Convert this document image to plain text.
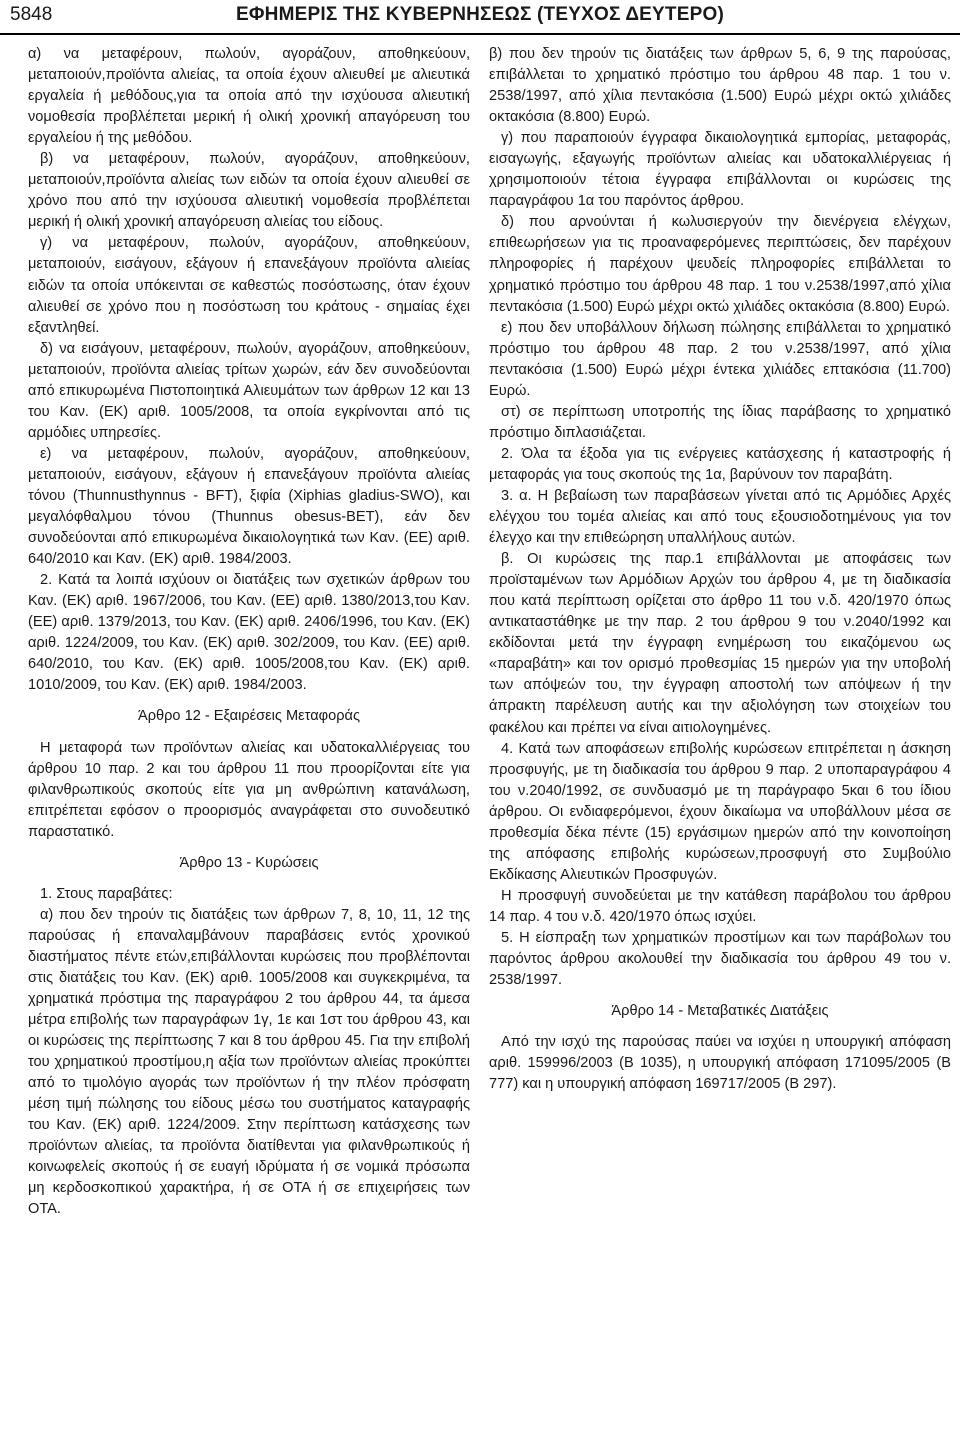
5848	ΕΦΗΜΕΡΙΣ ΤΗΣ ΚΥΒΕΡΝΗΣΕΩΣ (ΤΕΥΧΟΣ ΔΕΥΤΕΡΟ)

α) να μεταφέρουν, πωλούν, αγοράζουν, αποθηκεύουν, μεταποιούν,προϊόντα αλιείας, τα οποία έχουν αλιευθεί με αλιευτικά εργαλεία ή μεθόδους,για τα οποία από την ισχύουσα αλιευτική νομοθεσία προβλέπεται μερική ή ολική χρονική απαγόρευση του εργαλείου ή της μεθόδου.

β) να μεταφέρουν, πωλούν, αγοράζουν, αποθηκεύουν, μεταποιούν,προϊόντα αλιείας των ειδών τα οποία έχουν αλιευθεί σε χρόνο που από την ισχύουσα αλιευτική νομοθεσία προβλέπεται μερική ή ολική χρονική απαγόρευση αλιείας του είδους.

γ) να μεταφέρουν, πωλούν, αγοράζουν, αποθηκεύουν, μεταποιούν, εισάγουν, εξάγουν ή επανεξάγουν προϊόντα αλιείας ειδών τα οποία υπόκεινται σε καθεστώς ποσόστωσης, όταν έχουν αλιευθεί σε χρόνο που η ποσόστωση του κράτους - σημαίας έχει εξαντληθεί.

δ) να εισάγουν, μεταφέρουν, πωλούν, αγοράζουν, αποθηκεύουν, μεταποιούν, προϊόντα αλιείας τρίτων χωρών, εάν δεν συνοδεύονται από επικυρωμένα Πιστοποιητικά Αλιευμάτων των άρθρων 12 και 13 του Καν. (ΕΚ) αριθ. 1005/2008, τα οποία εγκρίνονται από τις αρμόδιες υπηρεσίες.

ε) να μεταφέρουν, πωλούν, αγοράζουν, αποθηκεύουν, μεταποιούν, εισάγουν, εξάγουν ή επανεξάγουν προϊόντα αλιείας τόνου (Thunnusthynnus - BFT), ξιφία (Xiphias gladius-SWO), και μεγαλόφθαλμου τόνου (Thunnus obesus-BET), εάν δεν συνοδεύονται από επικυρωμένα δικαιολογητικά των Καν. (ΕΕ) αριθ. 640/2010 και Καν. (ΕΚ) αριθ. 1984/2003.

2. Κατά τα λοιπά ισχύουν οι διατάξεις των σχετικών άρθρων του Καν. (ΕΚ) αριθ. 1967/2006, του Καν. (ΕΕ) αριθ. 1380/2013,του Καν. (ΕΕ) αριθ. 1379/2013, του Καν. (ΕΚ) αριθ. 2406/1996, του Καν. (ΕΚ) αριθ. 1224/2009, του Καν. (ΕΚ) αριθ. 302/2009, του Καν. (ΕΕ) αριθ. 640/2010, του Καν. (ΕΚ) αριθ. 1005/2008,του Καν. (ΕΚ) αριθ. 1010/2009, του Καν. (ΕΚ) αριθ. 1984/2003.

Άρθρο 12 - Εξαιρέσεις Μεταφοράς

Η μεταφορά των προϊόντων αλιείας και υδατοκαλλιέργειας του άρθρου 10 παρ. 2 και του άρθρου 11 που προορίζονται είτε για φιλανθρωπικούς σκοπούς είτε για μη ανθρώπινη κατανάλωση, επιτρέπεται εφόσον ο προορισμός αναγράφεται στο συνοδευτικό παραστατικό.

Άρθρο 13 - Κυρώσεις

1. Στους παραβάτες:

α) που δεν τηρούν τις διατάξεις των άρθρων 7, 8, 10, 11, 12 της παρούσας ή επαναλαμβάνουν παραβάσεις εντός χρονικού διαστήματος πέντε ετών,επιβάλλονται κυρώσεις που προβλέπονται στις διατάξεις του Καν. (ΕΚ) αριθ. 1005/2008 και συγκεκριμένα, τα χρηματικά πρόστιμα της παραγράφου 2 του άρθρου 44, τα άμεσα μέτρα επιβολής των παραγράφων 1γ, 1ε και 1στ του άρθρου 43, και οι κυρώσεις της περίπτωσης 7 και 8 του άρθρου 45. Για την επιβολή του χρηματικού προστίμου,η αξία των προϊόντων αλιείας προκύπτει από το τιμολόγιο αγοράς των προϊόντων ή την πλέον πρόσφατη μέση τιμή πώλησης του είδους μέσω του συστήματος καταγραφής του Καν. (ΕΚ) αριθ. 1224/2009. Στην περίπτωση κατάσχεσης των προϊόντων αλιείας, τα προϊόντα διατίθενται για φιλανθρωπικούς ή κοινωφελείς σκοπούς ή σε ευαγή ιδρύματα ή σε νομικά πρόσωπα μη κερδοσκοπικού χαρακτήρα, ή σε ΟΤΑ ή σε επιχειρήσεις των ΟΤΑ.

β) που δεν τηρούν τις διατάξεις των άρθρων 5, 6, 9 της παρούσας, επιβάλλεται το χρηματικό πρόστιμο του άρθρου 48 παρ. 1 του ν. 2538/1997, από χίλια πεντακόσια (1.500) Ευρώ μέχρι οκτώ χιλιάδες οκτακόσια (8.800) Ευρώ.

γ) που παραποιούν έγγραφα δικαιολογητικά εμπορίας, μεταφοράς, εισαγωγής, εξαγωγής προϊόντων αλιείας και υδατοκαλλιέργειας ή χρησιμοποιούν τέτοια έγγραφα επιβάλλονται οι κυρώσεις της παραγράφου 1α του παρόντος άρθρου.

δ) που αρνούνται ή κωλυσιεργούν την διενέργεια ελέγχων, επιθεωρήσεων για τις προαναφερόμενες περιπτώσεις, δεν παρέχουν πληροφορίες ή παρέχουν ψευδείς πληροφορίες επιβάλλεται το χρηματικό πρόστιμο του άρθρου 48 παρ. 1 του ν.2538/1997,από χίλια πεντακόσια (1.500) Ευρώ μέχρι οκτώ χιλιάδες οκτακόσια (8.800) Ευρώ.

ε) που δεν υποβάλλουν δήλωση πώλησης επιβάλλεται το χρηματικό πρόστιμο του άρθρου 48 παρ. 2 του ν.2538/1997, από χίλια πεντακόσια (1.500) Ευρώ μέχρι έντεκα χιλιάδες επτακόσια (11.700) Ευρώ.

στ) σε περίπτωση υποτροπής της ίδιας παράβασης το χρηματικό πρόστιμο διπλασιάζεται.

2. Όλα τα έξοδα για τις ενέργειες κατάσχεσης ή καταστροφής ή μεταφοράς για τους σκοπούς της 1α, βαρύνουν τον παραβάτη.

3. α. Η βεβαίωση των παραβάσεων γίνεται από τις Αρμόδιες Αρχές ελέγχου του τομέα αλιείας και από τους εξουσιοδοτημένους για τον έλεγχο και την επιθεώρηση υπαλλήλους αυτών.

β. Οι κυρώσεις της παρ.1 επιβάλλονται με αποφάσεις των προϊσταμένων των Αρμόδιων Αρχών του άρθρου 4, με τη διαδικασία που κατά περίπτωση ορίζεται στο άρθρο 11 του ν.δ. 420/1970 όπως αντικαταστάθηκε με την παρ. 2 του άρθρου 9 του ν.2040/1992 και εκδίδονται μετά την έγγραφη ενημέρωση του εικαζόμενου ως «παραβάτη» και τον ορισμό προθεσμίας 15 ημερών για την υποβολή των απόψεών του, την έγγραφη αποστολή των απόψεων ή την άπρακτη παρέλευση αυτής και την αξιολόγηση των στοιχείων του φακέλου και πρέπει να είναι αιτιολογημένες.

4. Κατά των αποφάσεων επιβολής κυρώσεων επιτρέπεται η άσκηση προσφυγής, με τη διαδικασία του άρθρου 9 παρ. 2 υποπαραγράφου 4 του ν.2040/1992, σε συνδυασμό με τη παράγραφο 5και 6 του ίδιου άρθρου. Οι ενδιαφερόμενοι, έχουν δικαίωμα να υποβάλλουν μέσα σε προθεσμία δέκα πέντε (15) εργάσιμων ημερών από την κοινοποίηση της απόφασης επιβολής κυρώσεων,προσφυγή στο Συμβούλιο Εκδίκασης Αλιευτικών Προσφυγών.

Η προσφυγή συνοδεύεται με την κατάθεση παράβολου του άρθρου 14 παρ. 4 του ν.δ. 420/1970 όπως ισχύει.

5. Η είσπραξη των χρηματικών προστίμων και των παράβολων του παρόντος άρθρου ακολουθεί την διαδικασία του άρθρου 49 του ν. 2538/1997.

Άρθρο 14 - Μεταβατικές Διατάξεις

Από την ισχύ της παρούσας παύει να ισχύει η υπουργική απόφαση αριθ. 159996/2003 (Β 1035), η υπουργική απόφαση 171095/2005 (Β 777) και η υπουργική απόφαση 169717/2005 (Β 297).
